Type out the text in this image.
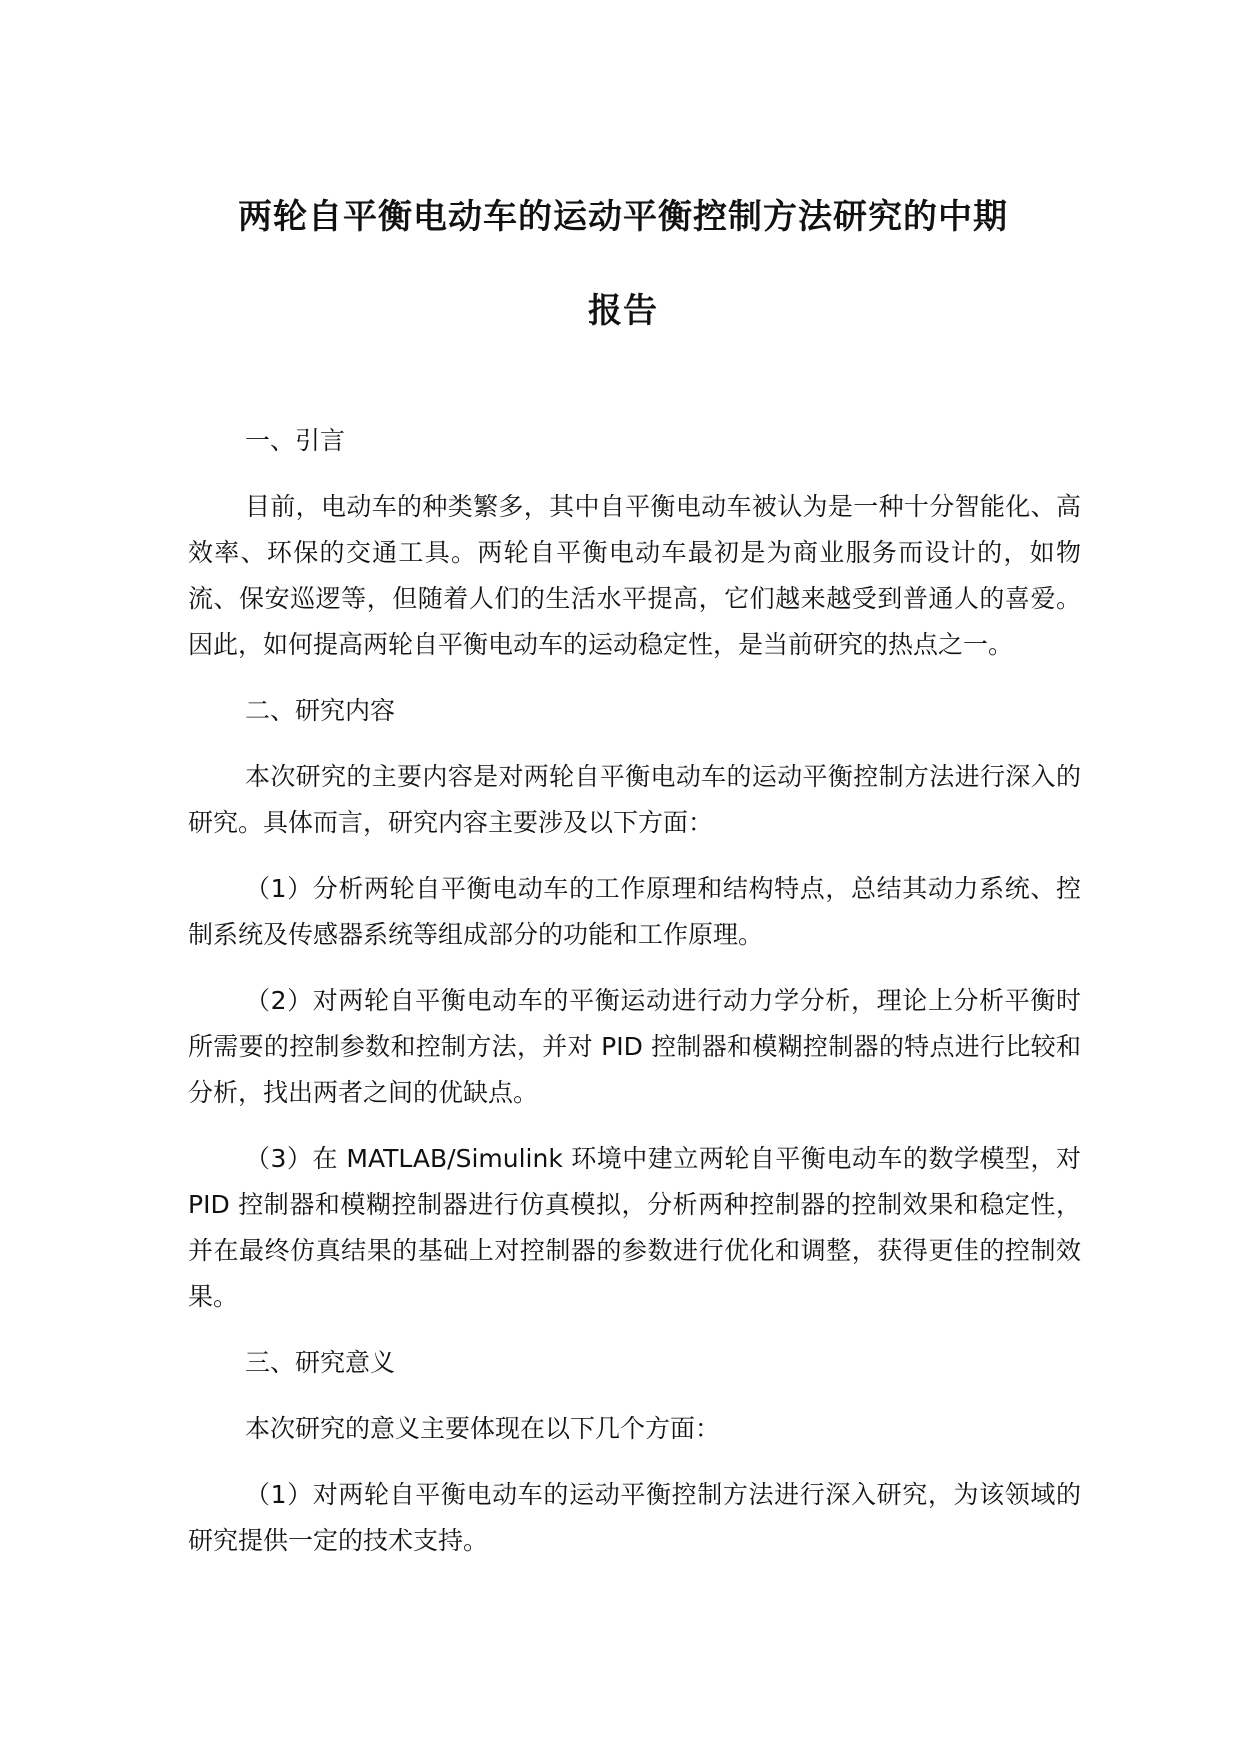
两轮自平衡电动车的运动平衡控制方法研究的中期
报告
一、引言

目前，电动车的种类繁多，其中自平衡电动车被认为是一种十分智能化、高效率、环保的交通工具。两轮自平衡电动车最初是为商业服务而设计的，如物流、保安巡逻等，但随着人们的生活水平提高，它们越来越受到普通人的喜爱。因此，如何提高两轮自平衡电动车的运动稳定性，是当前研究的热点之一。

二、研究内容

本次研究的主要内容是对两轮自平衡电动车的运动平衡控制方法进行深入的研究。具体而言，研究内容主要涉及以下方面：

（1）分析两轮自平衡电动车的工作原理和结构特点，总结其动力系统、控制系统及传感器系统等组成部分的功能和工作原理。

（2）对两轮自平衡电动车的平衡运动进行动力学分析，理论上分析平衡时所需要的控制参数和控制方法，并对 PID 控制器和模糊控制器的特点进行比较和分析，找出两者之间的优缺点。

（3）在 MATLAB/Simulink 环境中建立两轮自平衡电动车的数学模型，对 PID 控制器和模糊控制器进行仿真模拟，分析两种控制器的控制效果和稳定性，并在最终仿真结果的基础上对控制器的参数进行优化和调整，获得更佳的控制效果。

三、研究意义

本次研究的意义主要体现在以下几个方面：

（1）对两轮自平衡电动车的运动平衡控制方法进行深入研究，为该领域的研究提供一定的技术支持。
